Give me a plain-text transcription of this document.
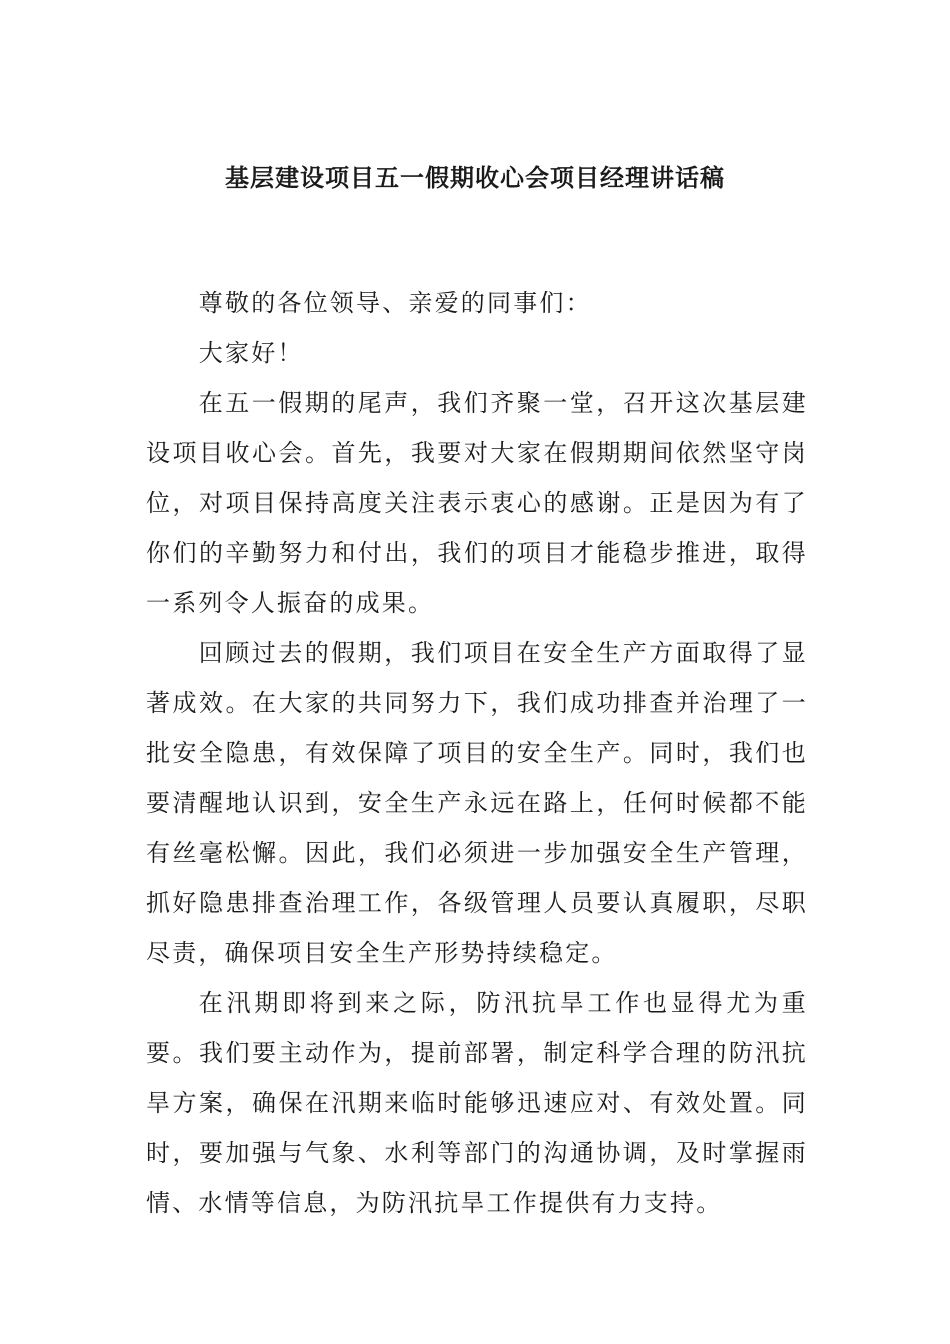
基层建设项目五一假期收心会项目经理讲话稿

尊敬的各位领导、亲爱的同事们：

大家好！

在五一假期的尾声，我们齐聚一堂，召开这次基层建设项目收心会。首先，我要对大家在假期期间依然坚守岗位，对项目保持高度关注表示衷心的感谢。正是因为有了你们的辛勤努力和付出，我们的项目才能稳步推进，取得一系列令人振奋的成果。

回顾过去的假期，我们项目在安全生产方面取得了显著成效。在大家的共同努力下，我们成功排查并治理了一批安全隐患，有效保障了项目的安全生产。同时，我们也要清醒地认识到，安全生产永远在路上，任何时候都不能有丝毫松懈。因此，我们必须进一步加强安全生产管理，抓好隐患排查治理工作，各级管理人员要认真履职，尽职尽责，确保项目安全生产形势持续稳定。

在汛期即将到来之际，防汛抗旱工作也显得尤为重要。我们要主动作为，提前部署，制定科学合理的防汛抗旱方案，确保在汛期来临时能够迅速应对、有效处置。同时，要加强与气象、水利等部门的沟通协调，及时掌握雨情、水情等信息，为防汛抗旱工作提供有力支持。
